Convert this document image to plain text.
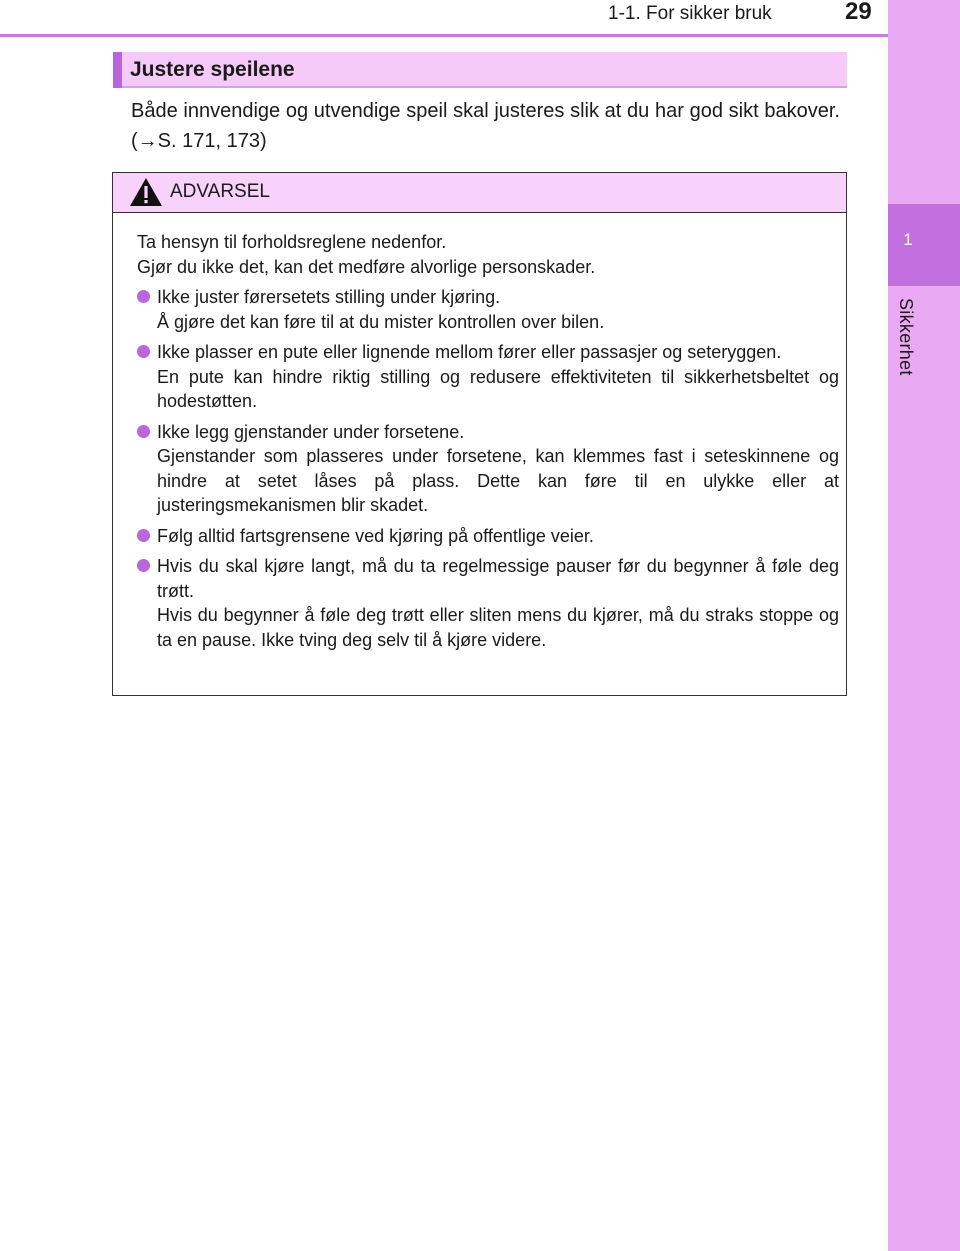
1-1. For sikker bruk	29
1
Sikkerhet
Justere speilene

Både innvendige og utvendige speil skal justeres slik at du har god sikt bakover. (→S. 171, 173)

ADVARSEL
Ta hensyn til forholdsreglene nedenfor.
Gjør du ikke det, kan det medføre alvorlige personskader.
Ikke juster førersetets stilling under kjøring.
Å gjøre det kan føre til at du mister kontrollen over bilen.
Ikke plasser en pute eller lignende mellom fører eller passasjer og seteryggen.
En pute kan hindre riktig stilling og redusere effektiviteten til sikkerhetsbeltet og hodestøtten.
Ikke legg gjenstander under forsetene.
Gjenstander som plasseres under forsetene, kan klemmes fast i seteskinnene og hindre at setet låses på plass. Dette kan føre til en ulykke eller at justeringsmekanismen blir skadet.
Følg alltid fartsgrensene ved kjøring på offentlige veier.
Hvis du skal kjøre langt, må du ta regelmessige pauser før du begynner å føle deg trøtt.
Hvis du begynner å føle deg trøtt eller sliten mens du kjører, må du straks stoppe og ta en pause. Ikke tving deg selv til å kjøre videre.
